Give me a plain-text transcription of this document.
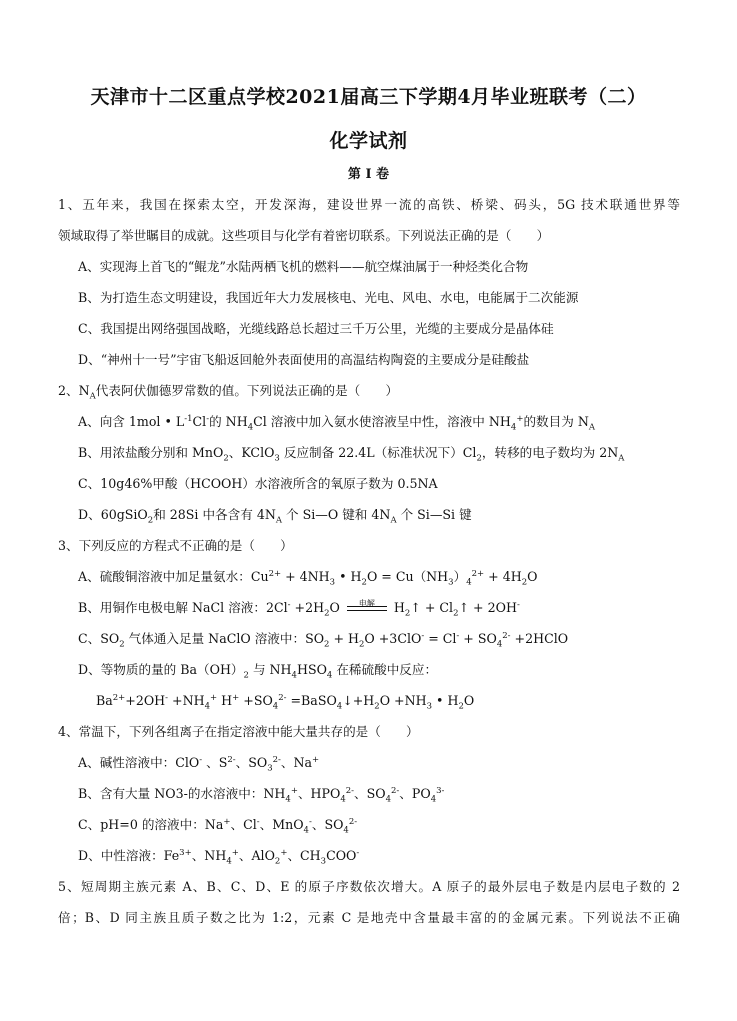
天津市十二区重点学校2021届高三下学期4月毕业班联考（二）
化学试剂
第 I 卷
1、五年来，我国在探索太空，开发深海，建设世界一流的高铁、桥梁、码头，5G 技术联通世界等
领域取得了举世瞩目的成就。这些项目与化学有着密切联系。下列说法正确的是（　　）
A、实现海上首飞的“鲲龙”水陆两栖飞机的燃料——航空煤油属于一种烃类化合物
B、为打造生态文明建设，我国近年大力发展核电、光电、风电、水电，电能属于二次能源
C、我国提出网络强国战略，光缆线路总长超过三千万公里，光缆的主要成分是晶体硅
D、“神州十一号”宇宙飞船返回舱外表面使用的高温结构陶瓷的主要成分是硅酸盐
2、$N_A$代表阿伏伽德罗常数的值。下列说法正确的是（　　）
A、向含 1mol • $L^{-1}Cl^-$的 $NH_4Cl$ 溶液中加入氨水使溶液呈中性，溶液中 $NH_4^+$的数目为 $N_A$
B、用浓盐酸分别和 MnO$_2$、KClO$_3$ 反应制备 22.4L（标准状况下）$Cl_2$，转移的电子数均为 $2N_A$
C、10g46%甲酸（HCOOH）水溶液所含的氧原子数为 0.5NA
D、60gSiO$_2$和 28Si 中各含有 $4N_A$ 个 Si—O 键和 $4N_A$ 个 Si—Si 键
3、下列反应的方程式不正确的是（　　）
A、硫酸铜溶液中加足量氨水：$Cu^{2+} + 4NH_3$ • $H_2O = Cu(NH_3)_4^{2+} + 4H_2O$
B、用铜作电极电解 NaCl 溶液：$2Cl^- +2H_2O$	电解	$H_2↑$ + $Cl_2↑ + 2OH^-$
C、$SO_2$ 气体通入足量 NaClO 溶液中：$SO_2 + H_2O +3ClO^- = Cl^- + SO_4^{2-}$ +2HClO
D、等物质的量的 $Ba(OH)_2$ 与 $NH_4HSO_4$ 在稀硫酸中反应：
$Ba^{2+}+2OH^- +NH_4^+$ $H^+ +SO_4^{2-}$ $=BaSO_4↓+H_2O +NH_3$ • $H_2O$
4、常温下，下列各组离子在指定溶液中能大量共存的是（　　）
A、碱性溶液中：ClO- 、$S^{2-}$、$SO_3^{2-}$、Na+
B、含有大量 NO3-的水溶液中：$NH_4^+$、$HPO_4^{2-}$、$SO_4^{2-}$、$PO_4^{3-}$
C、pH=0 的溶液中：Na+、Cl-、MnO$_4$-、$SO_4^{2-}$
D、中性溶液：$Fe^{3+}$、$NH_4^+$、AlO$_2$+、$CH_3COO^-$
5、短周期主族元素 A、B、C、D、E 的原子序数依次增大。A 原子的最外层电子数是内层电子数的 2
倍；B、D 同主族且质子数之比为 1:2，元素 C 是地壳中含量最丰富的的金属元素。下列说法不正确
